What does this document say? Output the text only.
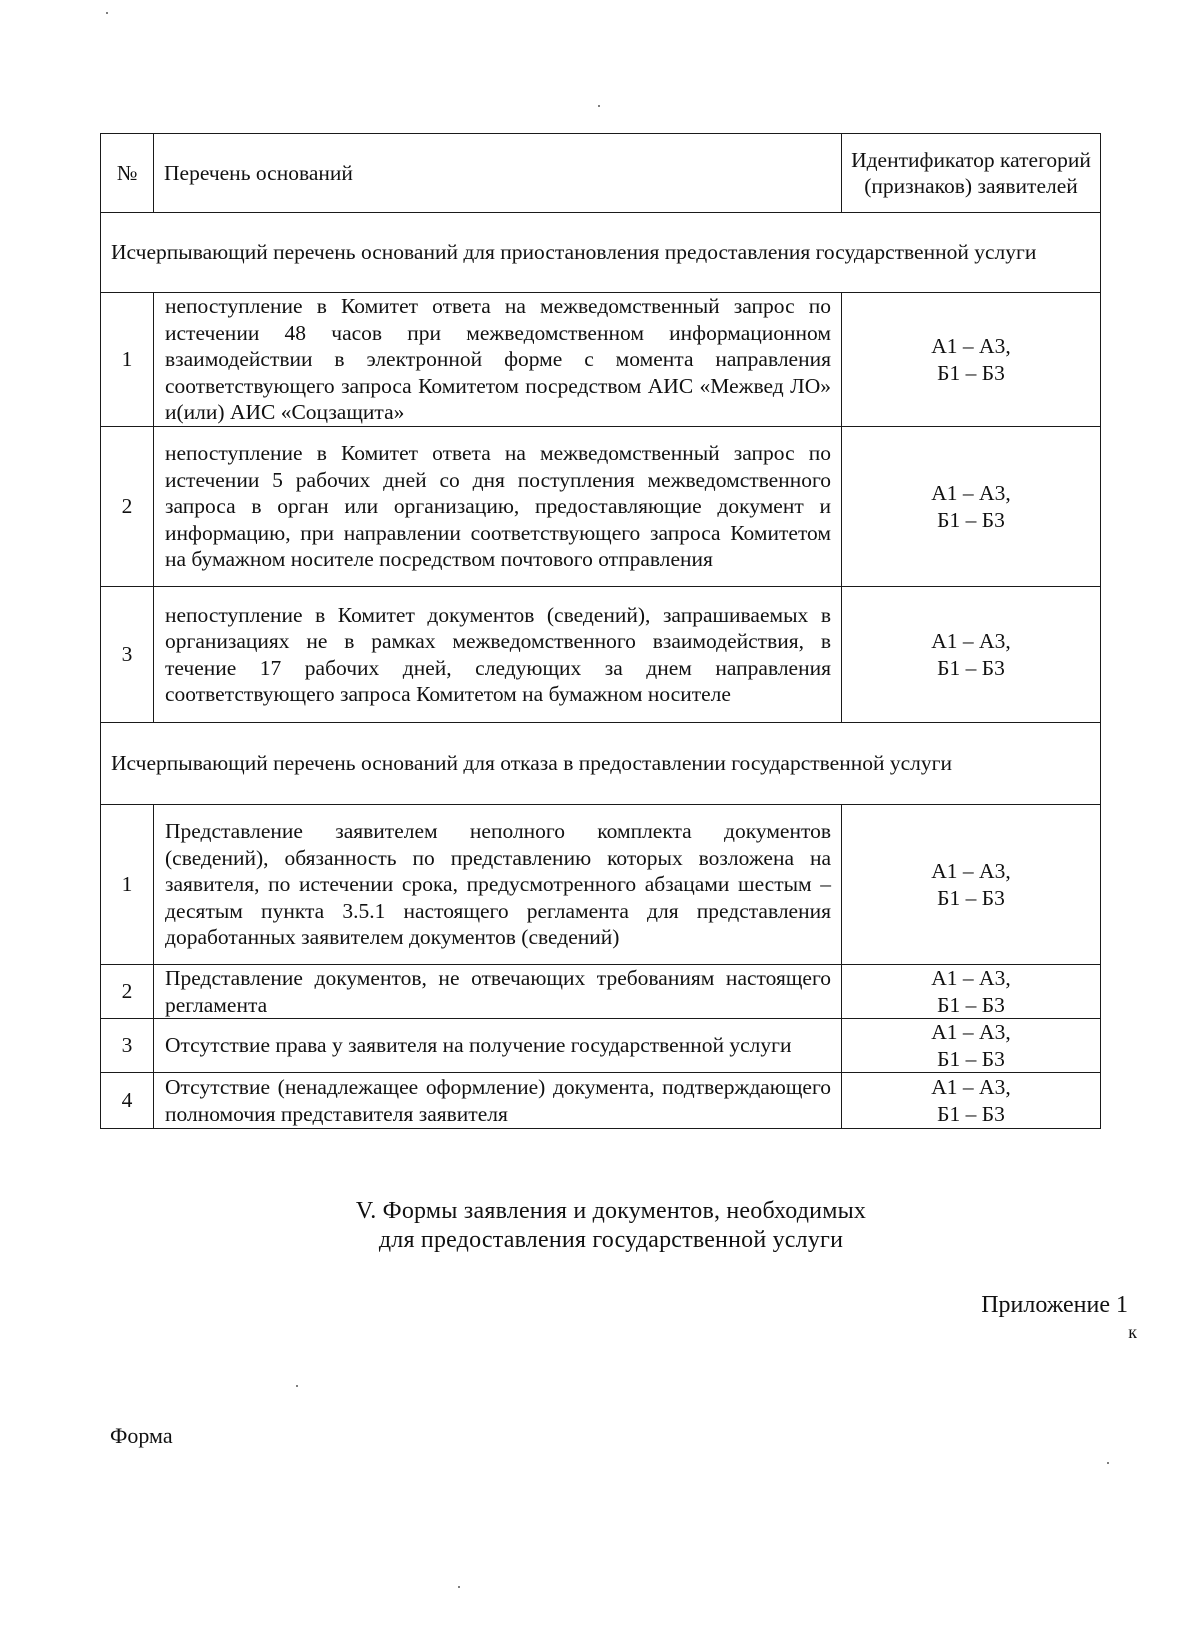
№	Перечень оснований	Идентификатор категорий (признаков) заявителей
Исчерпывающий перечень оснований для приостановления предоставления государственной услуги		
1	непоступление в Комитет ответа на межведомственный запрос по истечении 48 часов при межведомственном информационном взаимодействии в электронной форме с момента направления соответствующего запроса Комитетом посредством АИС «Межвед ЛО» и(или) АИС «Соцзащита»	А1 – А3,
Б1 – Б3

2	непоступление в Комитет ответа на межведомственный запрос по истечении 5 рабочих дней со дня поступления межведомственного запроса в орган или организацию, предоставляющие документ и информацию, при направлении соответствующего запроса Комитетом на бумажном носителе посредством почтового отправления	А1 – А3,
Б1 – Б3

3	непоступление в Комитет документов (сведений), запрашиваемых в организациях не в рамках межведомственного взаимодействия, в течение 17 рабочих дней, следующих за днем направления соответствующего запроса Комитетом на бумажном носителе	А1 – А3,
Б1 – Б3

Исчерпывающий перечень оснований для отказа в предоставлении государственной услуги		
1	Представление заявителем неполного комплекта документов (сведений), обязанность по представлению которых возложена на заявителя, по истечении срока, предусмотренного абзацами шестым – десятым пункта 3.5.1 настоящего регламента для представления доработанных заявителем документов (сведений)	А1 – А3,
Б1 – Б3

2	Представление документов, не отвечающих требованиям настоящего регламента	А1 – А3,
Б1 – Б3

3	Отсутствие права у заявителя на получение государственной услуги	А1 – А3,
Б1 – Б3

4	Отсутствие (ненадлежащее оформление) документа, подтверждающего полномочия представителя заявителя	А1 – А3,
Б1 – Б3
V. Формы заявления и документов, необходимых
для предоставления государственной услуги
Приложение 1
к
Форма
